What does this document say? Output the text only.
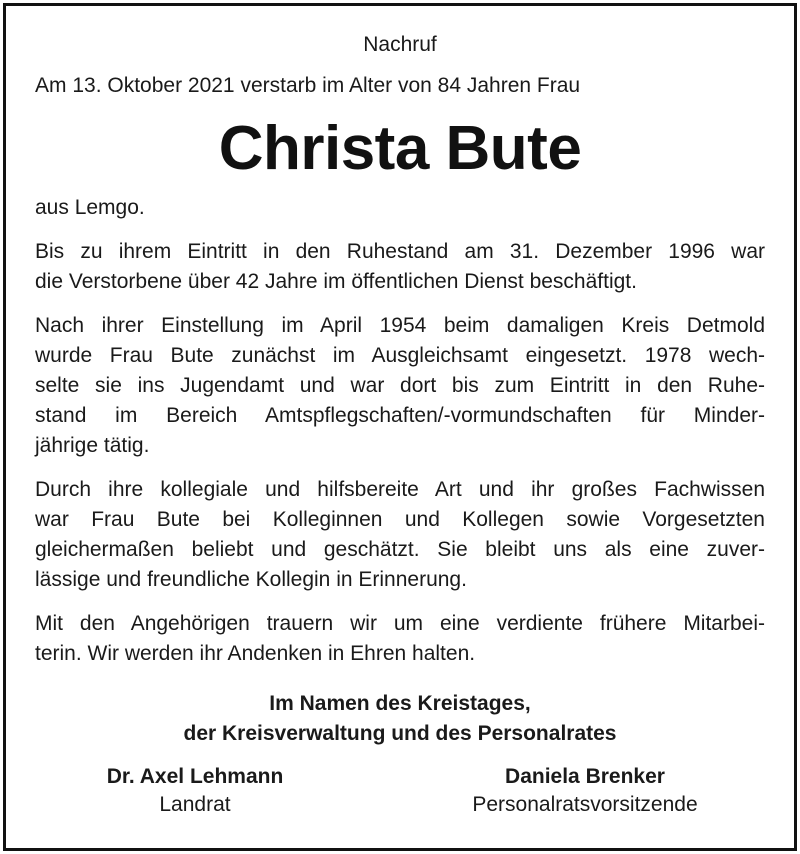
Nachruf

Am 13. Oktober 2021 verstarb im Alter von 84 Jahren Frau

Christa Bute

aus Lemgo.

Bis zu ihrem Eintritt in den Ruhestand am 31. Dezember 1996 war
die Verstorbene über 42 Jahre im öffentlichen Dienst beschäftigt.
Nach ihrer Einstellung im April 1954 beim damaligen Kreis Detmold
wurde Frau Bute zunächst im Ausgleichsamt eingesetzt. 1978 wech-
selte sie ins Jugendamt und war dort bis zum Eintritt in den Ruhe-
stand im Bereich Amtspflegschaften/-vormundschaften für Minder-
jährige tätig.
Durch ihre kollegiale und hilfsbereite Art und ihr großes Fachwissen
war Frau Bute bei Kolleginnen und Kollegen sowie Vorgesetzten
gleichermaßen beliebt und geschätzt. Sie bleibt uns als eine zuver-
lässige und freundliche Kollegin in Erinnerung.
Mit den Angehörigen trauern wir um eine verdiente frühere Mitarbei-
terin. Wir werden ihr Andenken in Ehren halten.
Im Namen des Kreistages,
der Kreisverwaltung und des Personalrates
Dr. Axel Lehmann
Landrat
Daniela Brenker
Personalratsvorsitzende
